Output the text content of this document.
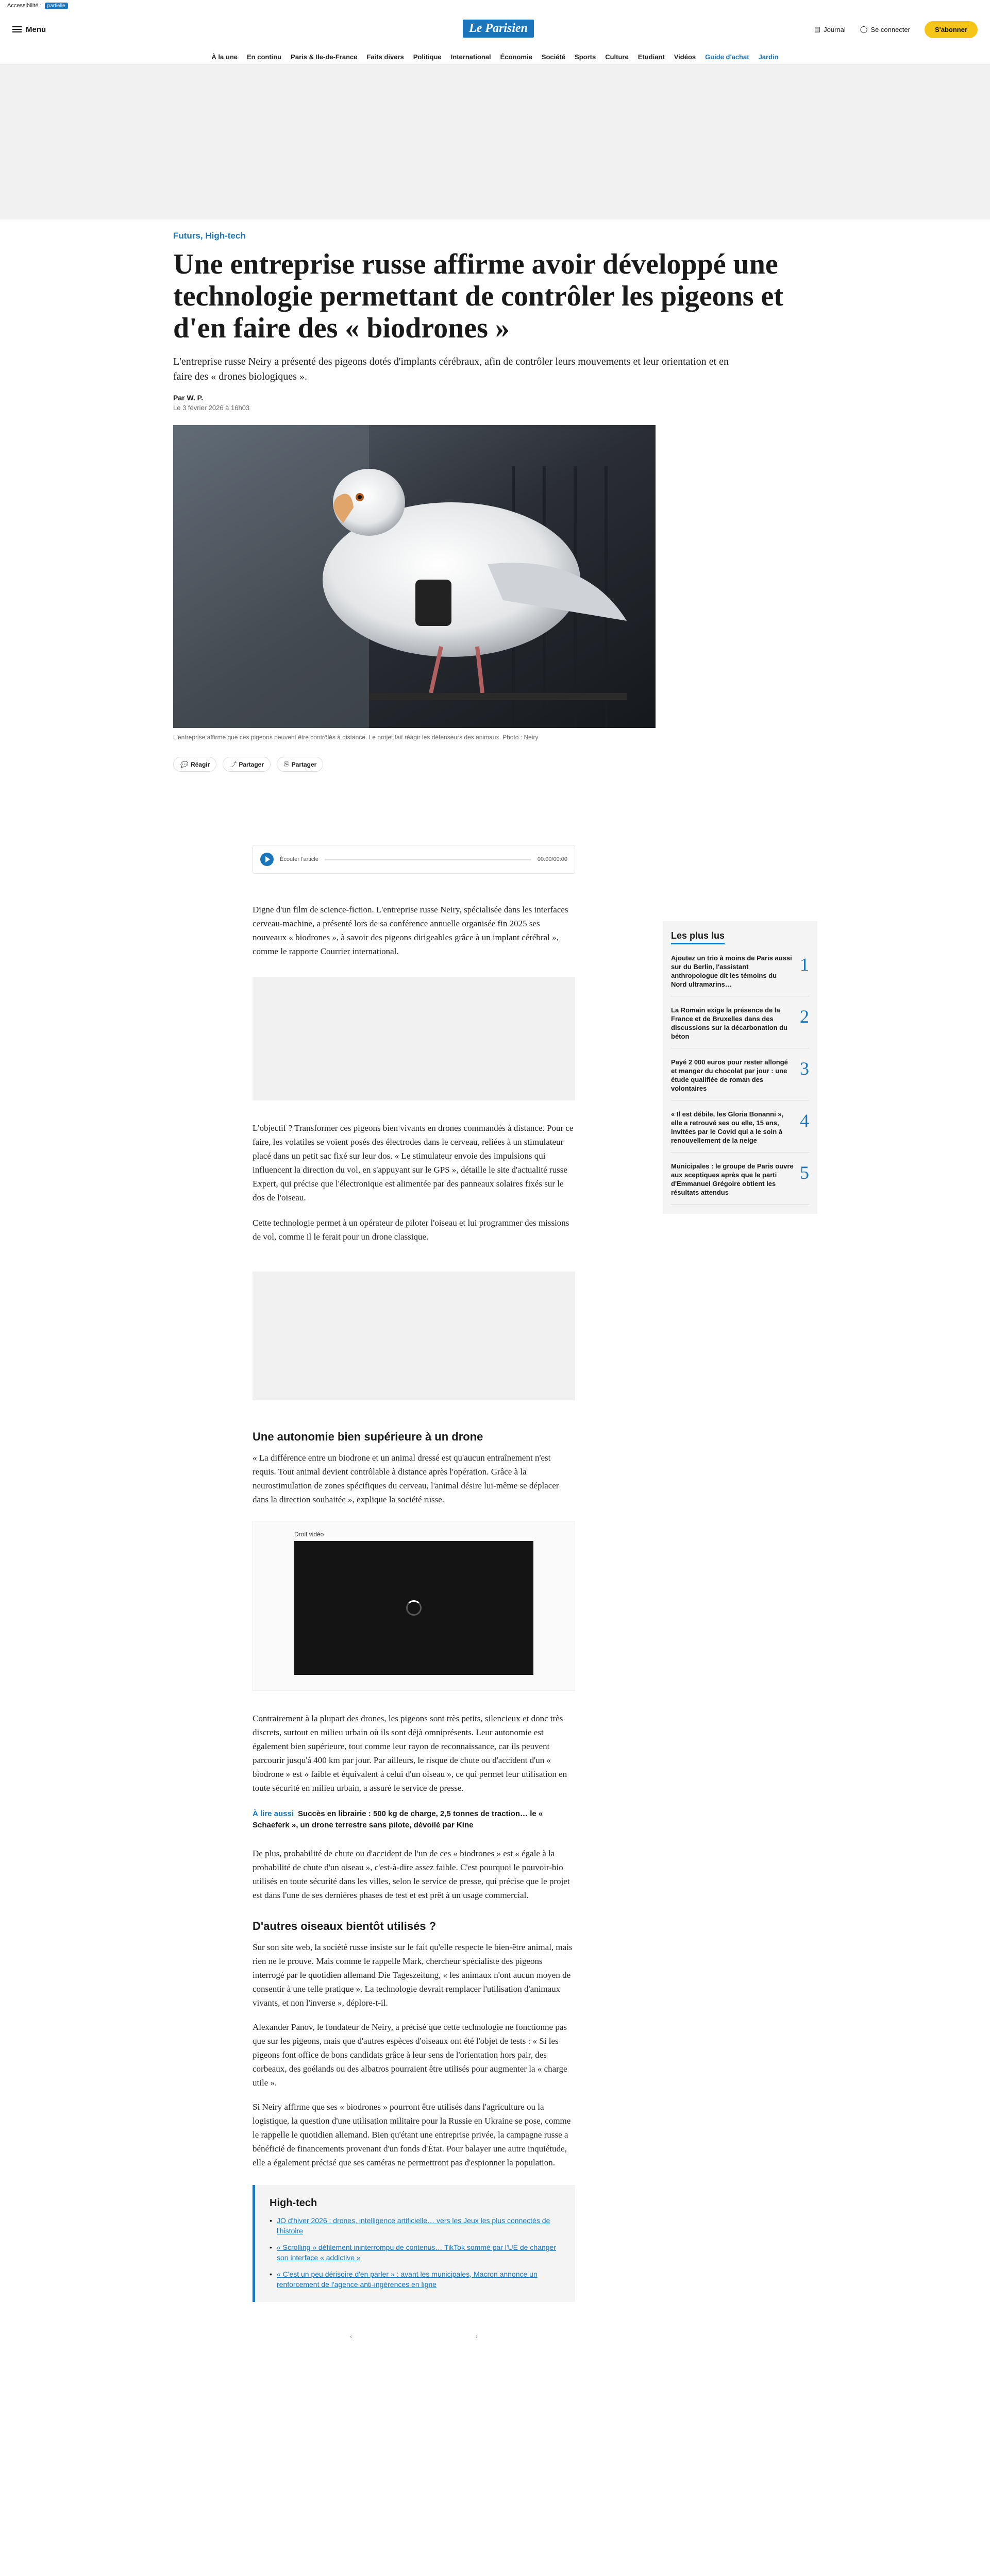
Accessibilité :	partielle
Menu	Le Parisien	▤ Journal ◯ Se connecter	S'abonner
À la une En continu Paris & Ile-de-France Faits divers Politique International Économie Société Sports Culture Etudiant Vidéos Guide d'achat Jardin
Futurs, High-tech
Une entreprise russe affirme avoir développé une technologie permettant de contrôler les pigeons et d'en faire des « biodrones »

L'entreprise russe Neiry a présenté des pigeons dotés d'implants cérébraux, afin de contrôler leurs mouvements et leur orientation et en faire des « drones biologiques ».

Par W. P.
Le 3 février 2026 à 16h03
L'entreprise affirme que ces pigeons peuvent être contrôlés à distance. Le projet fait réagir les défenseurs des animaux. Photo : Neiry
💬 Réagir	⤴ Partager	⎘ Partager
Écouter l'article	00:00/00:00

Digne d'un film de science-fiction. L'entreprise russe Neiry, spécialisée dans les interfaces cerveau-machine, a présenté lors de sa conférence annuelle organisée fin 2025 ses nouveaux « biodrones », à savoir des pigeons dirigeables grâce à un implant cérébral », comme le rapporte Courrier international.

L'objectif ? Transformer ces pigeons bien vivants en drones commandés à distance. Pour ce faire, les volatiles se voient posés des électrodes dans le cerveau, reliées à un stimulateur placé dans un petit sac fixé sur leur dos. « Le stimulateur envoie des impulsions qui influencent la direction du vol, en s'appuyant sur le GPS », détaille le site d'actualité russe Expert, qui précise que l'électronique est alimentée par des panneaux solaires fixés sur le dos de l'oiseau.

Cette technologie permet à un opérateur de piloter l'oiseau et lui programmer des missions de vol, comme il le ferait pour un drone classique.

Une autonomie bien supérieure à un drone

« La différence entre un biodrone et un animal dressé est qu'aucun entraînement n'est requis. Tout animal devient contrôlable à distance après l'opération. Grâce à la neurostimulation de zones spécifiques du cerveau, l'animal désire lui-même se déplacer dans la direction souhaitée », explique la société russe.

Droit vidéo

Contrairement à la plupart des drones, les pigeons sont très petits, silencieux et donc très discrets, surtout en milieu urbain où ils sont déjà omniprésents. Leur autonomie est également bien supérieure, tout comme leur rayon de reconnaissance, car ils peuvent parcourir jusqu'à 400 km par jour. Par ailleurs, le risque de chute ou d'accident d'un « biodrone » est « faible et équivalent à celui d'un oiseau », ce qui permet leur utilisation en toute sécurité en milieu urbain, a assuré le service de presse.

À lire aussi Succès en librairie : 500 kg de charge, 2,5 tonnes de traction… le « Schaeferk », un drone terrestre sans pilote, dévoilé par Kine

De plus, probabilité de chute ou d'accident de l'un de ces « biodrones » est « égale à la probabilité de chute d'un oiseau », c'est-à-dire assez faible. C'est pourquoi le pouvoir-bio utilisés en toute sécurité dans les villes, selon le service de presse, qui précise que le projet est dans l'une de ses dernières phases de test et est prêt à un usage commercial.

D'autres oiseaux bientôt utilisés ?

Sur son site web, la société russe insiste sur le fait qu'elle respecte le bien-être animal, mais rien ne le prouve. Mais comme le rappelle Mark, chercheur spécialiste des pigeons interrogé par le quotidien allemand Die Tageszeitung, « les animaux n'ont aucun moyen de consentir à une telle pratique ». La technologie devrait remplacer l'utilisation d'animaux vivants, et non l'inverse », déplore-t-il.

Alexander Panov, le fondateur de Neiry, a précisé que cette technologie ne fonctionne pas que sur les pigeons, mais que d'autres espèces d'oiseaux ont été l'objet de tests : « Si les pigeons font office de bons candidats grâce à leur sens de l'orientation hors pair, des corbeaux, des goélands ou des albatros pourraient être utilisés pour augmenter la « charge utile ».

Si Neiry affirme que ses « biodrones » pourront être utilisés dans l'agriculture ou la logistique, la question d'une utilisation militaire pour la Russie en Ukraine se pose, comme le rappelle le quotidien allemand. Bien qu'étant une entreprise privée, la campagne russe a bénéficié de financements provenant d'un fonds d'État. Pour balayer une autre inquiétude, elle a également précisé que ses caméras ne permettront pas d'espionner la population.

High-tech
• JO d'hiver 2026 : drones, intelligence artificielle… vers les Jeux les plus connectés de l'histoire
• « Scrolling » défilement ininterrompu de contenus… TikTok sommé par l'UE de changer son interface « addictive »
• « C'est un peu dérisoire d'en parler » : avant les municipales, Macron annonce un renforcement de l'agence anti-ingérences en ligne
‹	›
Les plus lus
Ajoutez un trio à moins de Paris aussi sur du Berlin, l'assistant anthropologue dit les témoins du Nord ultramarins…
1
La Romain exige la présence de la France et de Bruxelles dans des discussions sur la décarbonation du béton
2
Payé 2 000 euros pour rester allongé et manger du chocolat par jour : une étude qualifiée de roman des volontaires
3
« Il est débile, les Gloria Bonanni », elle a retrouvé ses ou elle, 15 ans, invitées par le Covid qui a le soin à renouvellement de la neige
4
Municipales : le groupe de Paris ouvre aux sceptiques après que le parti d'Emmanuel Grégoire obtient les résultats attendus
5
